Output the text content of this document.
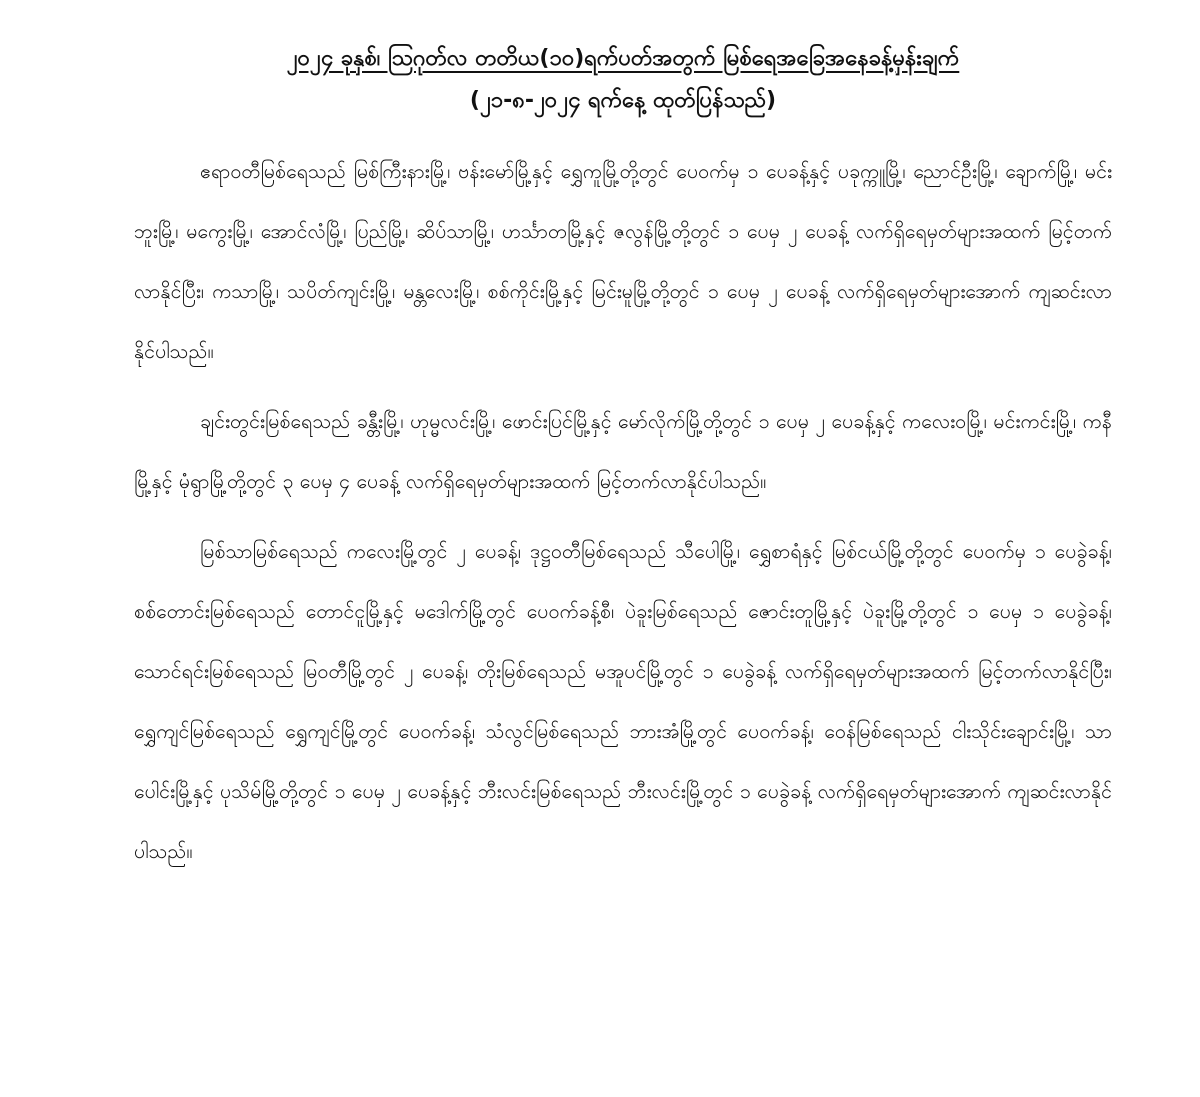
၂၀၂၄ ခုနှစ်၊ ဩဂုတ်လ တတိယ(၁၀)ရက်ပတ်အတွက် မြစ်ရေအခြေအနေခန့်မှန်းချက်
(၂၁-၈-၂၀၂၄ ရက်နေ့ ထုတ်ပြန်သည်)

ဧရာဝတီမြစ်ရေသည် မြစ်ကြီးနားမြို့၊ ဗန်းမော်မြို့နှင့် ရွှေကူမြို့တို့တွင် ပေဝက်မှ ၁ ပေခန့်နှင့် ပခုက္ကူမြို့၊ ညောင်ဦးမြို့၊ ချောက်မြို့၊ မင်းဘူးမြို့၊ မကွေးမြို့၊ အောင်လံမြို့၊ ပြည်မြို့၊ ဆိပ်သာမြို့၊ ဟင်္သာတမြို့နှင့် ဇလွန်မြို့တို့တွင် ၁ ပေမှ ၂ ပေခန့် လက်ရှိရေမှတ်များအထက် မြင့်တက်လာနိုင်ပြီး၊ ကသာမြို့၊ သပိတ်ကျင်းမြို့၊ မန္တလေးမြို့၊ စစ်ကိုင်းမြို့နှင့် မြင်းမူမြို့တို့တွင် ၁ ပေမှ ၂ ပေခန့် လက်ရှိရေမှတ်များအောက် ကျဆင်းလာနိုင်ပါသည်။

ချင်းတွင်းမြစ်ရေသည် ခန္တီးမြို့၊ ဟုမ္မလင်းမြို့၊ ဖောင်းပြင်မြို့နှင့် မော်လိုက်မြို့တို့တွင် ၁ ပေမှ ၂ ပေခန့်နှင့် ကလေးဝမြို့၊ မင်းကင်းမြို့၊ ကနီမြို့နှင့် မုံရွာမြို့တို့တွင် ၃ ပေမှ ၄ ပေခန့် လက်ရှိရေမှတ်များအထက် မြင့်တက်လာနိုင်ပါသည်။

မြစ်သာမြစ်ရေသည် ကလေးမြို့တွင် ၂ ပေခန့်၊ ဒုဋ္ဌဝတီမြစ်ရေသည် သီပေါမြို့၊ ရွှေစာရံနှင့် မြစ်ငယ်မြို့တို့တွင် ပေဝက်မှ ၁ ပေခွဲခန့်၊ စစ်တောင်းမြစ်ရေသည် တောင်ငူမြို့နှင့် မဒေါက်မြို့တွင် ပေဝက်ခန့်စီ၊ ပဲခူးမြစ်ရေသည် ဇောင်းတူမြို့နှင့် ပဲခူးမြို့တို့တွင် ၁ ပေမှ ၁ ပေခွဲခန့်၊ သောင်ရင်းမြစ်ရေသည် မြဝတီမြို့တွင် ၂ ပေခန့်၊ တိုးမြစ်ရေသည် မအူပင်မြို့တွင် ၁ ပေခွဲခန့် လက်ရှိရေမှတ်များအထက် မြင့်တက်လာနိုင်ပြီး၊ ရွှေကျင်မြစ်ရေသည် ရွှေကျင်မြို့တွင် ပေဝက်ခန့်၊ သံလွင်မြစ်ရေသည် ဘားအံမြို့တွင် ပေဝက်ခန့်၊ ဝေန်မြစ်ရေသည် ငါးသိုင်းချောင်းမြို့၊ သာပေါင်းမြို့နှင့် ပုသိမ်မြို့တို့တွင် ၁ ပေမှ ၂ ပေခန့်နှင့် ဘီးလင်းမြစ်ရေသည် ဘီးလင်းမြို့တွင် ၁ ပေခွဲခန့် လက်ရှိရေမှတ်များအောက် ကျဆင်းလာနိုင်ပါသည်။
